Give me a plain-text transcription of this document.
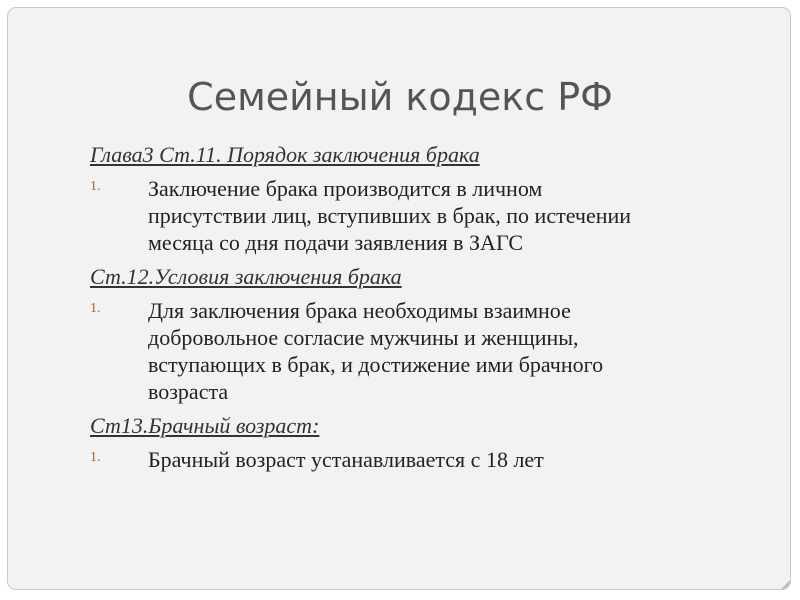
Семейный кодекс РФ
Глава3 Ст.11. Порядок заключения брака
1. Заключение брака производится в личном
присутствии лиц, вступивших в брак, по истечении
месяца со дня подачи заявления в ЗАГС
Ст.12.Условия заключения брака
1. Для заключения брака необходимы взаимное
добровольное согласие мужчины и женщины,
вступающих в брак, и достижение ими брачного
возраста
Ст13.Брачный возраст:
1. Брачный возраст устанавливается с 18 лет
